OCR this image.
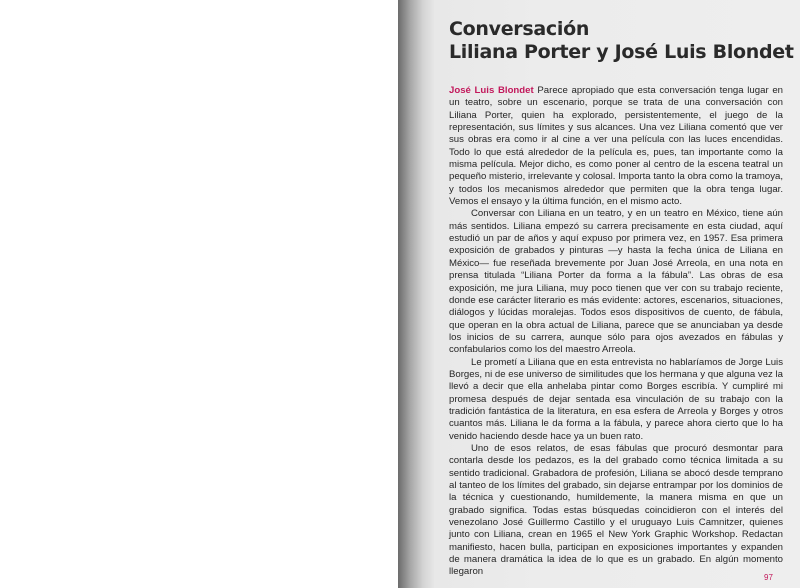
Conversación
Liliana Porter y José Luis Blondet

José Luis Blondet Parece apropiado que esta conversación tenga lugar en un teatro, sobre un escenario, porque se trata de una conversación con Liliana Porter, quien ha explorado, persistentemente, el juego de la representación, sus límites y sus alcances. Una vez Liliana comentó que ver sus obras era como ir al cine a ver una película con las luces encendidas. Todo lo que está alrededor de la película es, pues, tan importante como la misma película. Mejor dicho, es como poner al centro de la escena teatral un pequeño misterio, irrelevante y colosal. Importa tanto la obra como la tramoya, y todos los mecanismos alrededor que permiten que la obra tenga lugar. Vemos el ensayo y la última función, en el mismo acto.

Conversar con Liliana en un teatro, y en un teatro en México, tiene aún más sentidos. Liliana empezó su carrera precisamente en esta ciudad, aquí estudió un par de años y aquí expuso por primera vez, en 1957. Esa primera exposición de grabados y pinturas —y hasta la fecha única de Liliana en México— fue reseñada brevemente por Juan José Arreola, en una nota en prensa titulada “Liliana Porter da forma a la fábula”. Las obras de esa exposición, me jura Liliana, muy poco tienen que ver con su trabajo reciente, donde ese carácter literario es más evidente: actores, escenarios, situaciones, diálogos y lúcidas moralejas. Todos esos dispositivos de cuento, de fábula, que operan en la obra actual de Liliana, parece que se anunciaban ya desde los inicios de su carrera, aunque sólo para ojos avezados en fábulas y confabularios como los del maestro Arreola.

Le prometí a Liliana que en esta entrevista no hablaríamos de Jorge Luis Borges, ni de ese universo de similitudes que los hermana y que alguna vez la llevó a decir que ella anhelaba pintar como Borges escribía. Y cumpliré mi promesa después de dejar sentada esa vinculación de su trabajo con la tradición fantástica de la literatura, en esa esfera de Arreola y Borges y otros cuantos más. Liliana le da forma a la fábula, y parece ahora cierto que lo ha venido haciendo desde hace ya un buen rato.

Uno de esos relatos, de esas fábulas que procuró desmontar para contarla desde los pedazos, es la del grabado como técnica limitada a su sentido tradicional. Grabadora de profesión, Liliana se abocó desde temprano al tanteo de los límites del grabado, sin dejarse entrampar por los dominios de la técnica y cuestionando, humildemente, la manera misma en que un grabado significa. Todas estas búsquedas coincidieron con el interés del venezolano José Guillermo Castillo y el uruguayo Luis Camnitzer, quienes junto con Liliana, crean en 1965 el New York Graphic Workshop. Redactan manifiesto, hacen bulla, participan en exposiciones importantes y expanden de manera dramática la idea de lo que es un grabado. En algún momento llegaron

97
